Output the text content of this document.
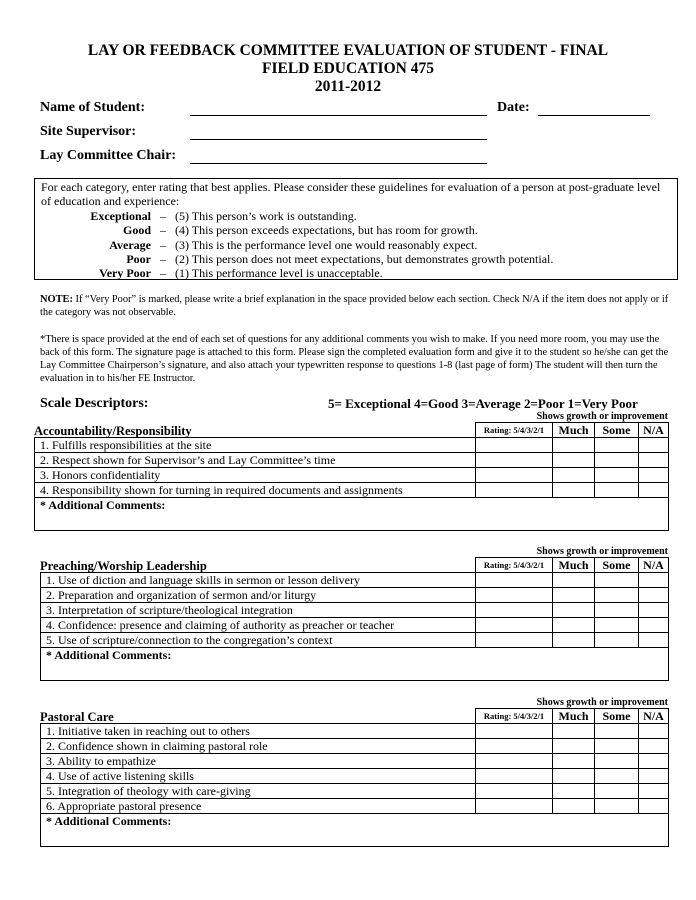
LAY OR FEEDBACK COMMITTEE EVALUATION OF STUDENT - FINAL
FIELD EDUCATION 475
2011-2012
Name of Student:	Date:
Site Supervisor:
Lay Committee Chair:
For each category, enter rating that best applies. Please consider these guidelines for evaluation of a person at post-graduate level of education and experience:
Exceptional – (5) This person’s work is outstanding.
Good – (4) This person exceeds expectations, but has room for growth.
Average – (3) This is the performance level one would reasonably expect.
Poor – (2) This person does not meet expectations, but demonstrates growth potential.
Very Poor – (1) This performance level is unacceptable.
NOTE: If “Very Poor” is marked, please write a brief explanation in the space provided below each section. Check N/A if the item does not apply or if the category was not observable.
*There is space provided at the end of each set of questions for any additional comments you wish to make. If you need more room, you may use the back of this form. The signature page is attached to this form. Please sign the completed evaluation form and give it to the student so he/she can get the Lay Committee Chairperson’s signature, and also attach your typewritten response to questions 1-8 (last page of form) The student will then turn the evaluation in to his/her FE Instructor.
Scale Descriptors:	5= Exceptional 4=Good 3=Average 2=Poor 1=Very Poor
Shows growth or improvement
Accountability/Responsibility
		Rating: 5/4/3/2/1	Much	Some	N/A
1. Fulfills responsibilities at the site				
2. Respect shown for Supervisor’s and Lay Committee’s time				
3. Honors confidentiality				
4. Responsibility shown for turning in required documents and assignments				
* Additional Comments:				
Shows growth or improvement
Preaching/Worship Leadership
		Rating: 5/4/3/2/1	Much	Some	N/A
1. Use of diction and language skills in sermon or lesson delivery				
2. Preparation and organization of sermon and/or liturgy				
3. Interpretation of scripture/theological integration				
4. Confidence: presence and claiming of authority as preacher or teacher				
5. Use of scripture/connection to the congregation’s context				
* Additional Comments:				
Shows growth or improvement
Pastoral Care
		Rating: 5/4/3/2/1	Much	Some	N/A
1. Initiative taken in reaching out to others				
2. Confidence shown in claiming pastoral role				
3. Ability to empathize				
4. Use of active listening skills				
5. Integration of theology with care-giving				
6. Appropriate pastoral presence				
* Additional Comments:				
